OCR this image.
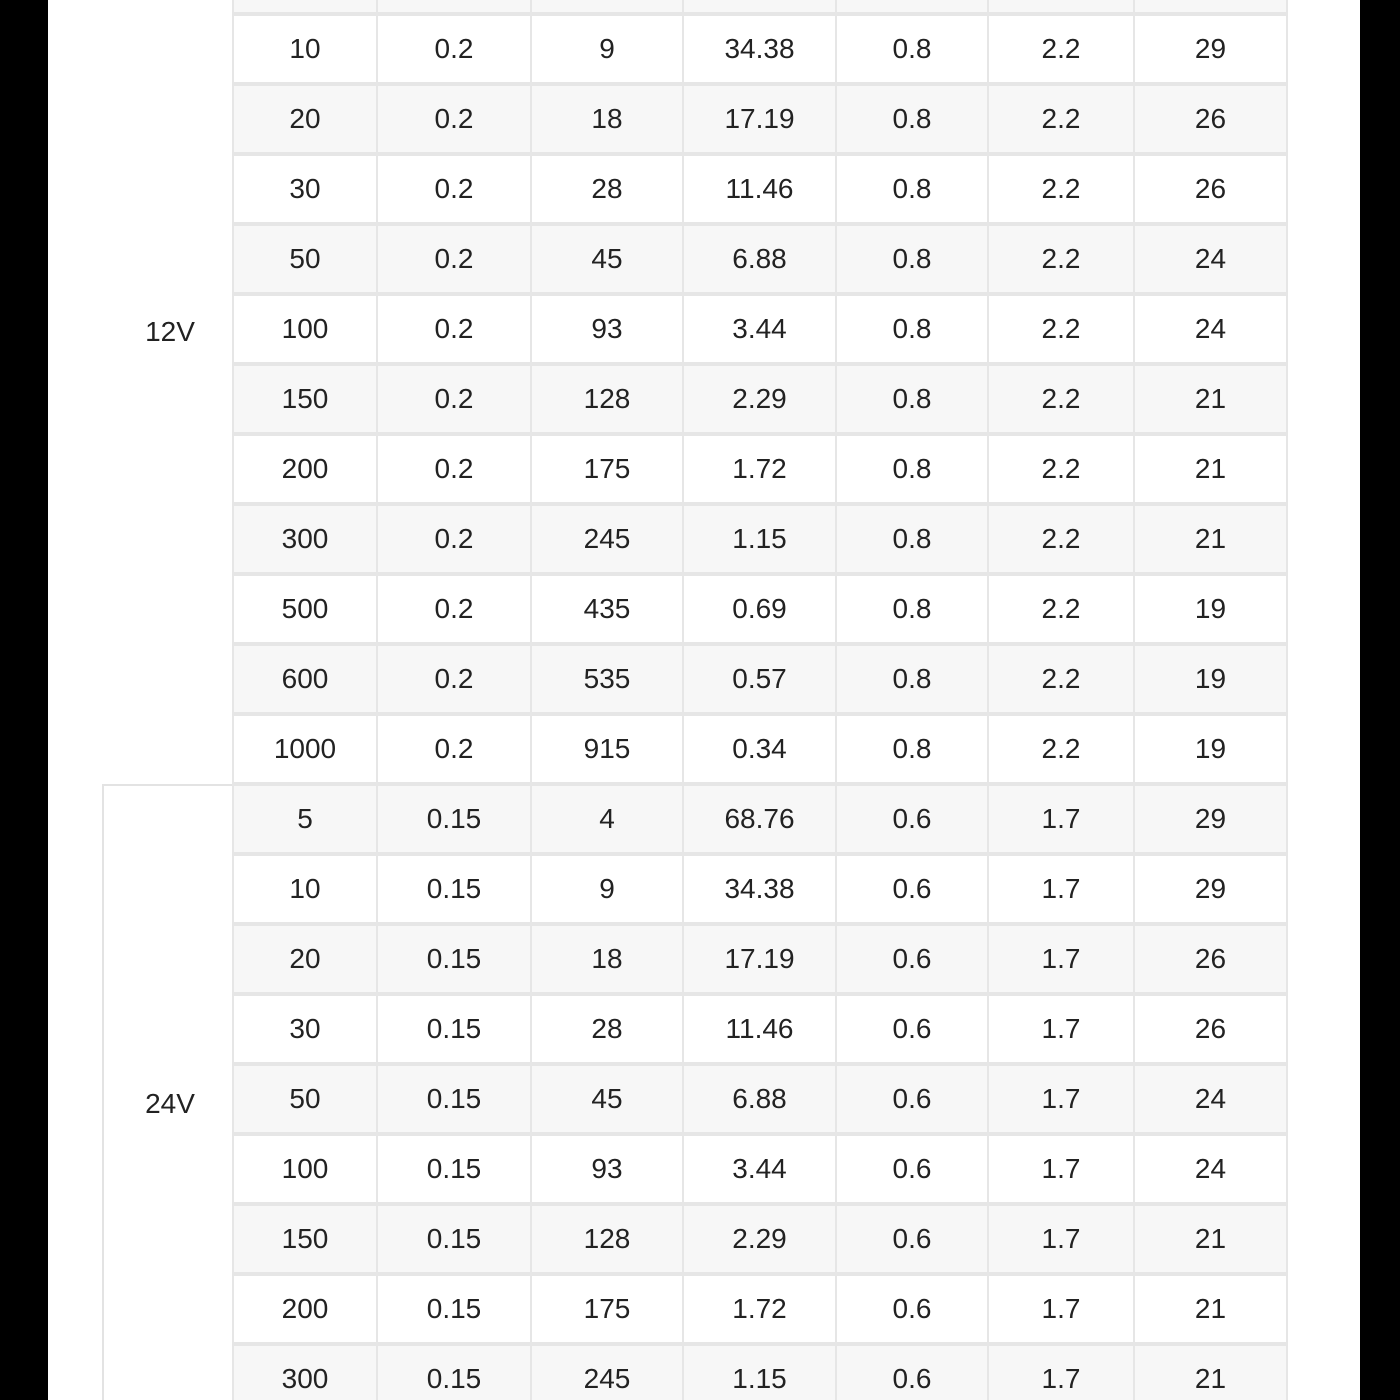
12V
10	0.2	9	34.38	0.8	2.2	29
20	0.2	18	17.19	0.8	2.2	26
30	0.2	28	11.46	0.8	2.2	26
50	0.2	45	6.88	0.8	2.2	24
100	0.2	93	3.44	0.8	2.2	24
150	0.2	128	2.29	0.8	2.2	21
200	0.2	175	1.72	0.8	2.2	21
300	0.2	245	1.15	0.8	2.2	21
500	0.2	435	0.69	0.8	2.2	19
600	0.2	535	0.57	0.8	2.2	19
1000	0.2	915	0.34	0.8	2.2	19
24V
5	0.15	4	68.76	0.6	1.7	29
10	0.15	9	34.38	0.6	1.7	29
20	0.15	18	17.19	0.6	1.7	26
30	0.15	28	11.46	0.6	1.7	26
50	0.15	45	6.88	0.6	1.7	24
100	0.15	93	3.44	0.6	1.7	24
150	0.15	128	2.29	0.6	1.7	21
200	0.15	175	1.72	0.6	1.7	21
300	0.15	245	1.15	0.6	1.7	21
